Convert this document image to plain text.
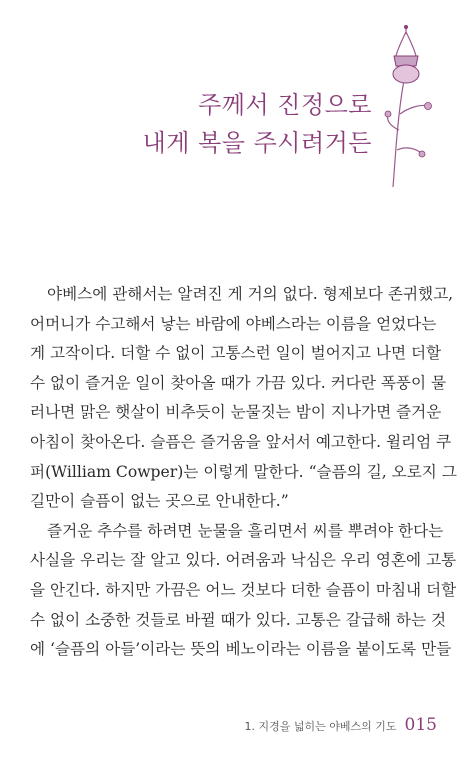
주께서 진정으로
내게 복을 주시려거든

야베스에 관해서는 알려진 게 거의 없다. 형제보다 존귀했고,
어머니가 수고해서 낳는 바람에 야베스라는 이름을 얻었다는
게 고작이다. 더할 수 없이 고통스런 일이 벌어지고 나면 더할
수 없이 즐거운 일이 찾아올 때가 가끔 있다. 커다란 폭풍이 물
러나면 맑은 햇살이 비추듯이 눈물짓는 밤이 지나가면 즐거운
아침이 찾아온다. 슬픔은 즐거움을 앞서서 예고한다. 윌리엄 쿠
퍼(William Cowper)는 이렇게 말한다. “슬픔의 길, 오로지 그
길만이 슬픔이 없는 곳으로 안내한다.”

즐거운 추수를 하려면 눈물을 흘리면서 씨를 뿌려야 한다는
사실을 우리는 잘 알고 있다. 어려움과 낙심은 우리 영혼에 고통
을 안긴다. 하지만 가끔은 어느 것보다 더한 슬픔이 마침내 더할
수 없이 소중한 것들로 바뀔 때가 있다. 고통은 갈급해 하는 것
에 ‘슬픔의 아들’이라는 뜻의 베노이라는 이름을 붙이도록 만들

1. 지경을 넓히는 야베스의 기도 015
